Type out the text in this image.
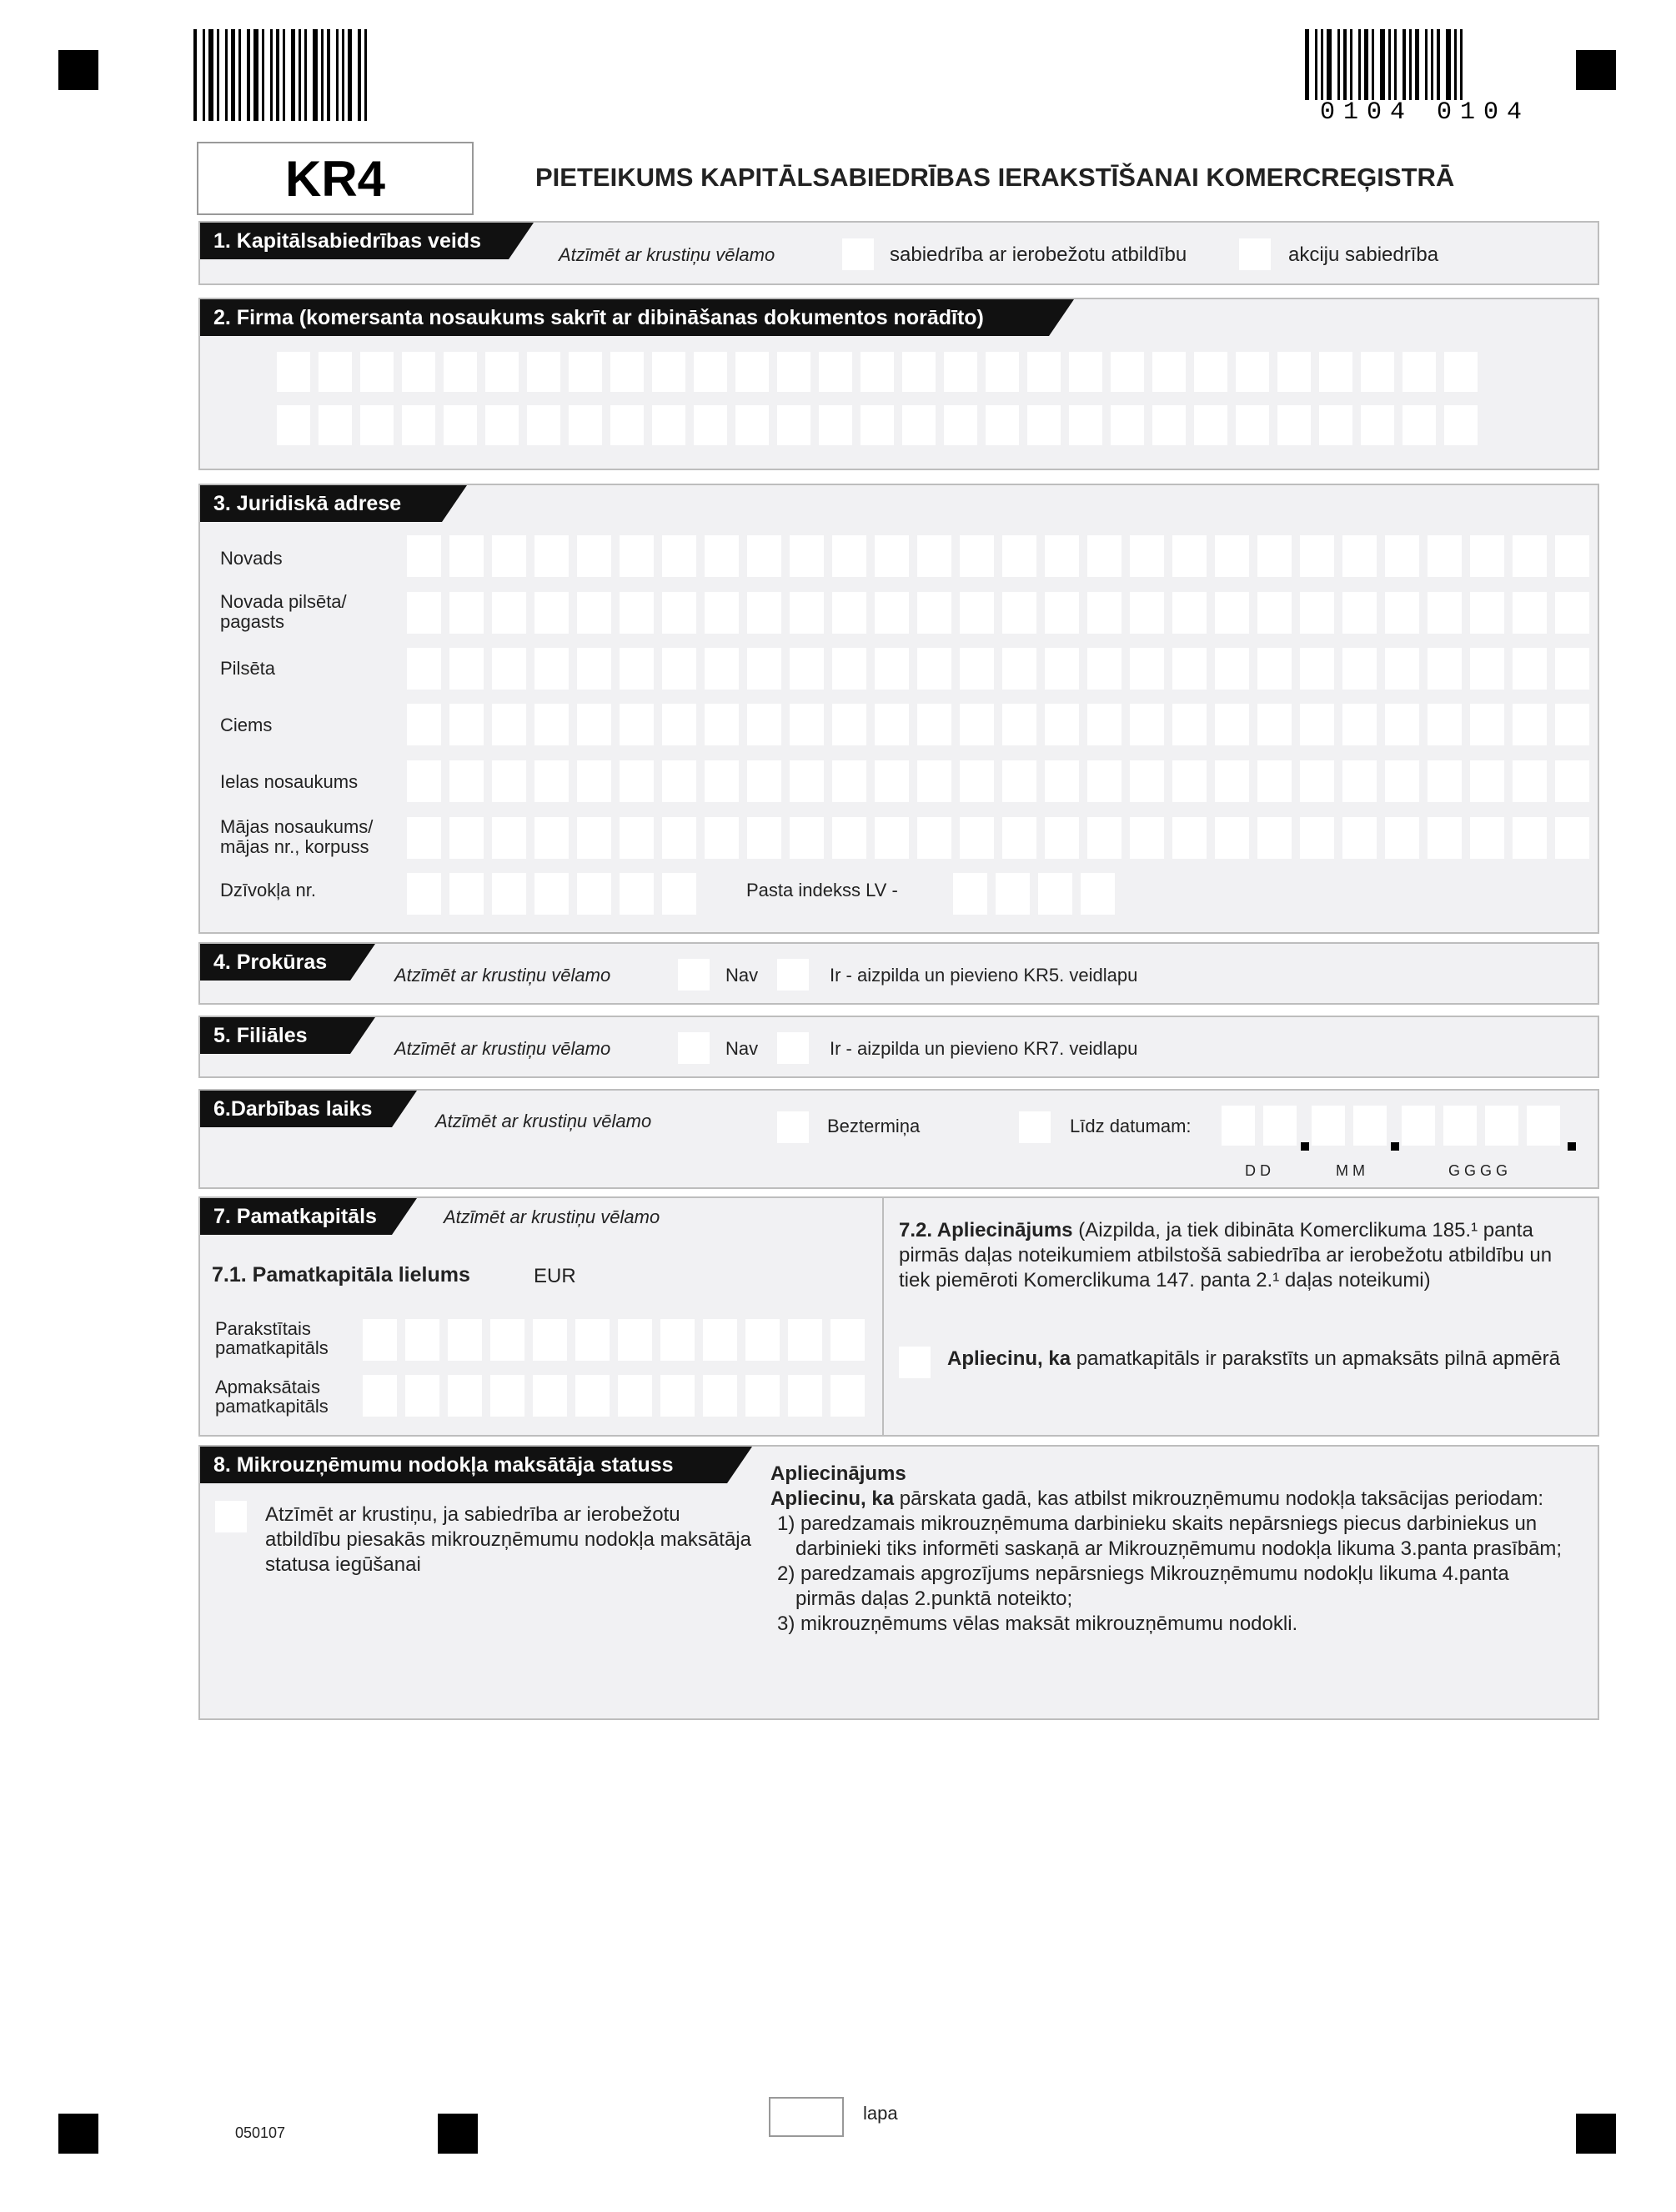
0104 0104
KR4	PIETEIKUMS KAPITĀLSABIEDRĪBAS IERAKSTĪŠANAI KOMERCREĢISTRĀ
1. Kapitālsabiedrības veids
Atzīmēt ar krustiņu vēlamo	sabiedrība ar ierobežotu atbildību	akciju sabiedrība
2. Firma (komersanta nosaukums sakrīt ar dibināšanas dokumentos norādīto)
3. Juridiskā adrese
Novads
Novada pilsēta/ pagasts
Pilsēta
Ciems
Ielas nosaukums
Mājas nosaukums/ mājas nr., korpuss
Dzīvokļa nr.	Pasta indekss LV -
4. Prokūras
Atzīmēt ar krustiņu vēlamo	Nav	Ir - aizpilda un pievieno KR5. veidlapu
5. Filiāles
Atzīmēt ar krustiņu vēlamo	Nav	Ir - aizpilda un pievieno KR7. veidlapu
6.Darbības laiks
Atzīmēt ar krustiņu vēlamo	Beztermiņa	Līdz datumam:
D D	M M	G G G G
7. Pamatkapitāls	Atzīmēt ar krustiņu vēlamo
7.1. Pamatkapitāla lielums	EUR
Parakstītais pamatkapitāls
Apmaksātais pamatkapitāls
7.2. Apliecinājums (Aizpilda, ja tiek dibināta Komerclikuma 185.¹ panta pirmās daļas noteikumiem atbilstošā sabiedrība ar ierobežotu atbildību un tiek piemēroti Komerclikuma 147. panta 2.¹ daļas noteikumi)
Apliecinu, ka pamatkapitāls ir parakstīts un apmaksāts pilnā apmērā
8. Mikrouzņēmumu nodokļa maksātāja statuss
Atzīmēt ar krustiņu, ja sabiedrība ar ierobežotu atbildību piesakās mikrouzņēmumu nodokļa maksātāja statusa iegūšanai
Apliecinājums
Apliecinu, ka pārskata gadā, kas atbilst mikrouzņēmumu nodokļa taksācijas periodam:
1) paredzamais mikrouzņēmuma darbinieku skaits nepārsniegs piecus darbiniekus un darbinieki tiks informēti saskaņā ar Mikrouzņēmumu nodokļa likuma 3.panta prasībām;
2) paredzamais apgrozījums nepārsniegs Mikrouzņēmumu nodokļu likuma 4.panta pirmās daļas 2.punktā noteikto;
3) mikrouzņēmums vēlas maksāt mikrouzņēmumu nodokli.
050107
lapa
